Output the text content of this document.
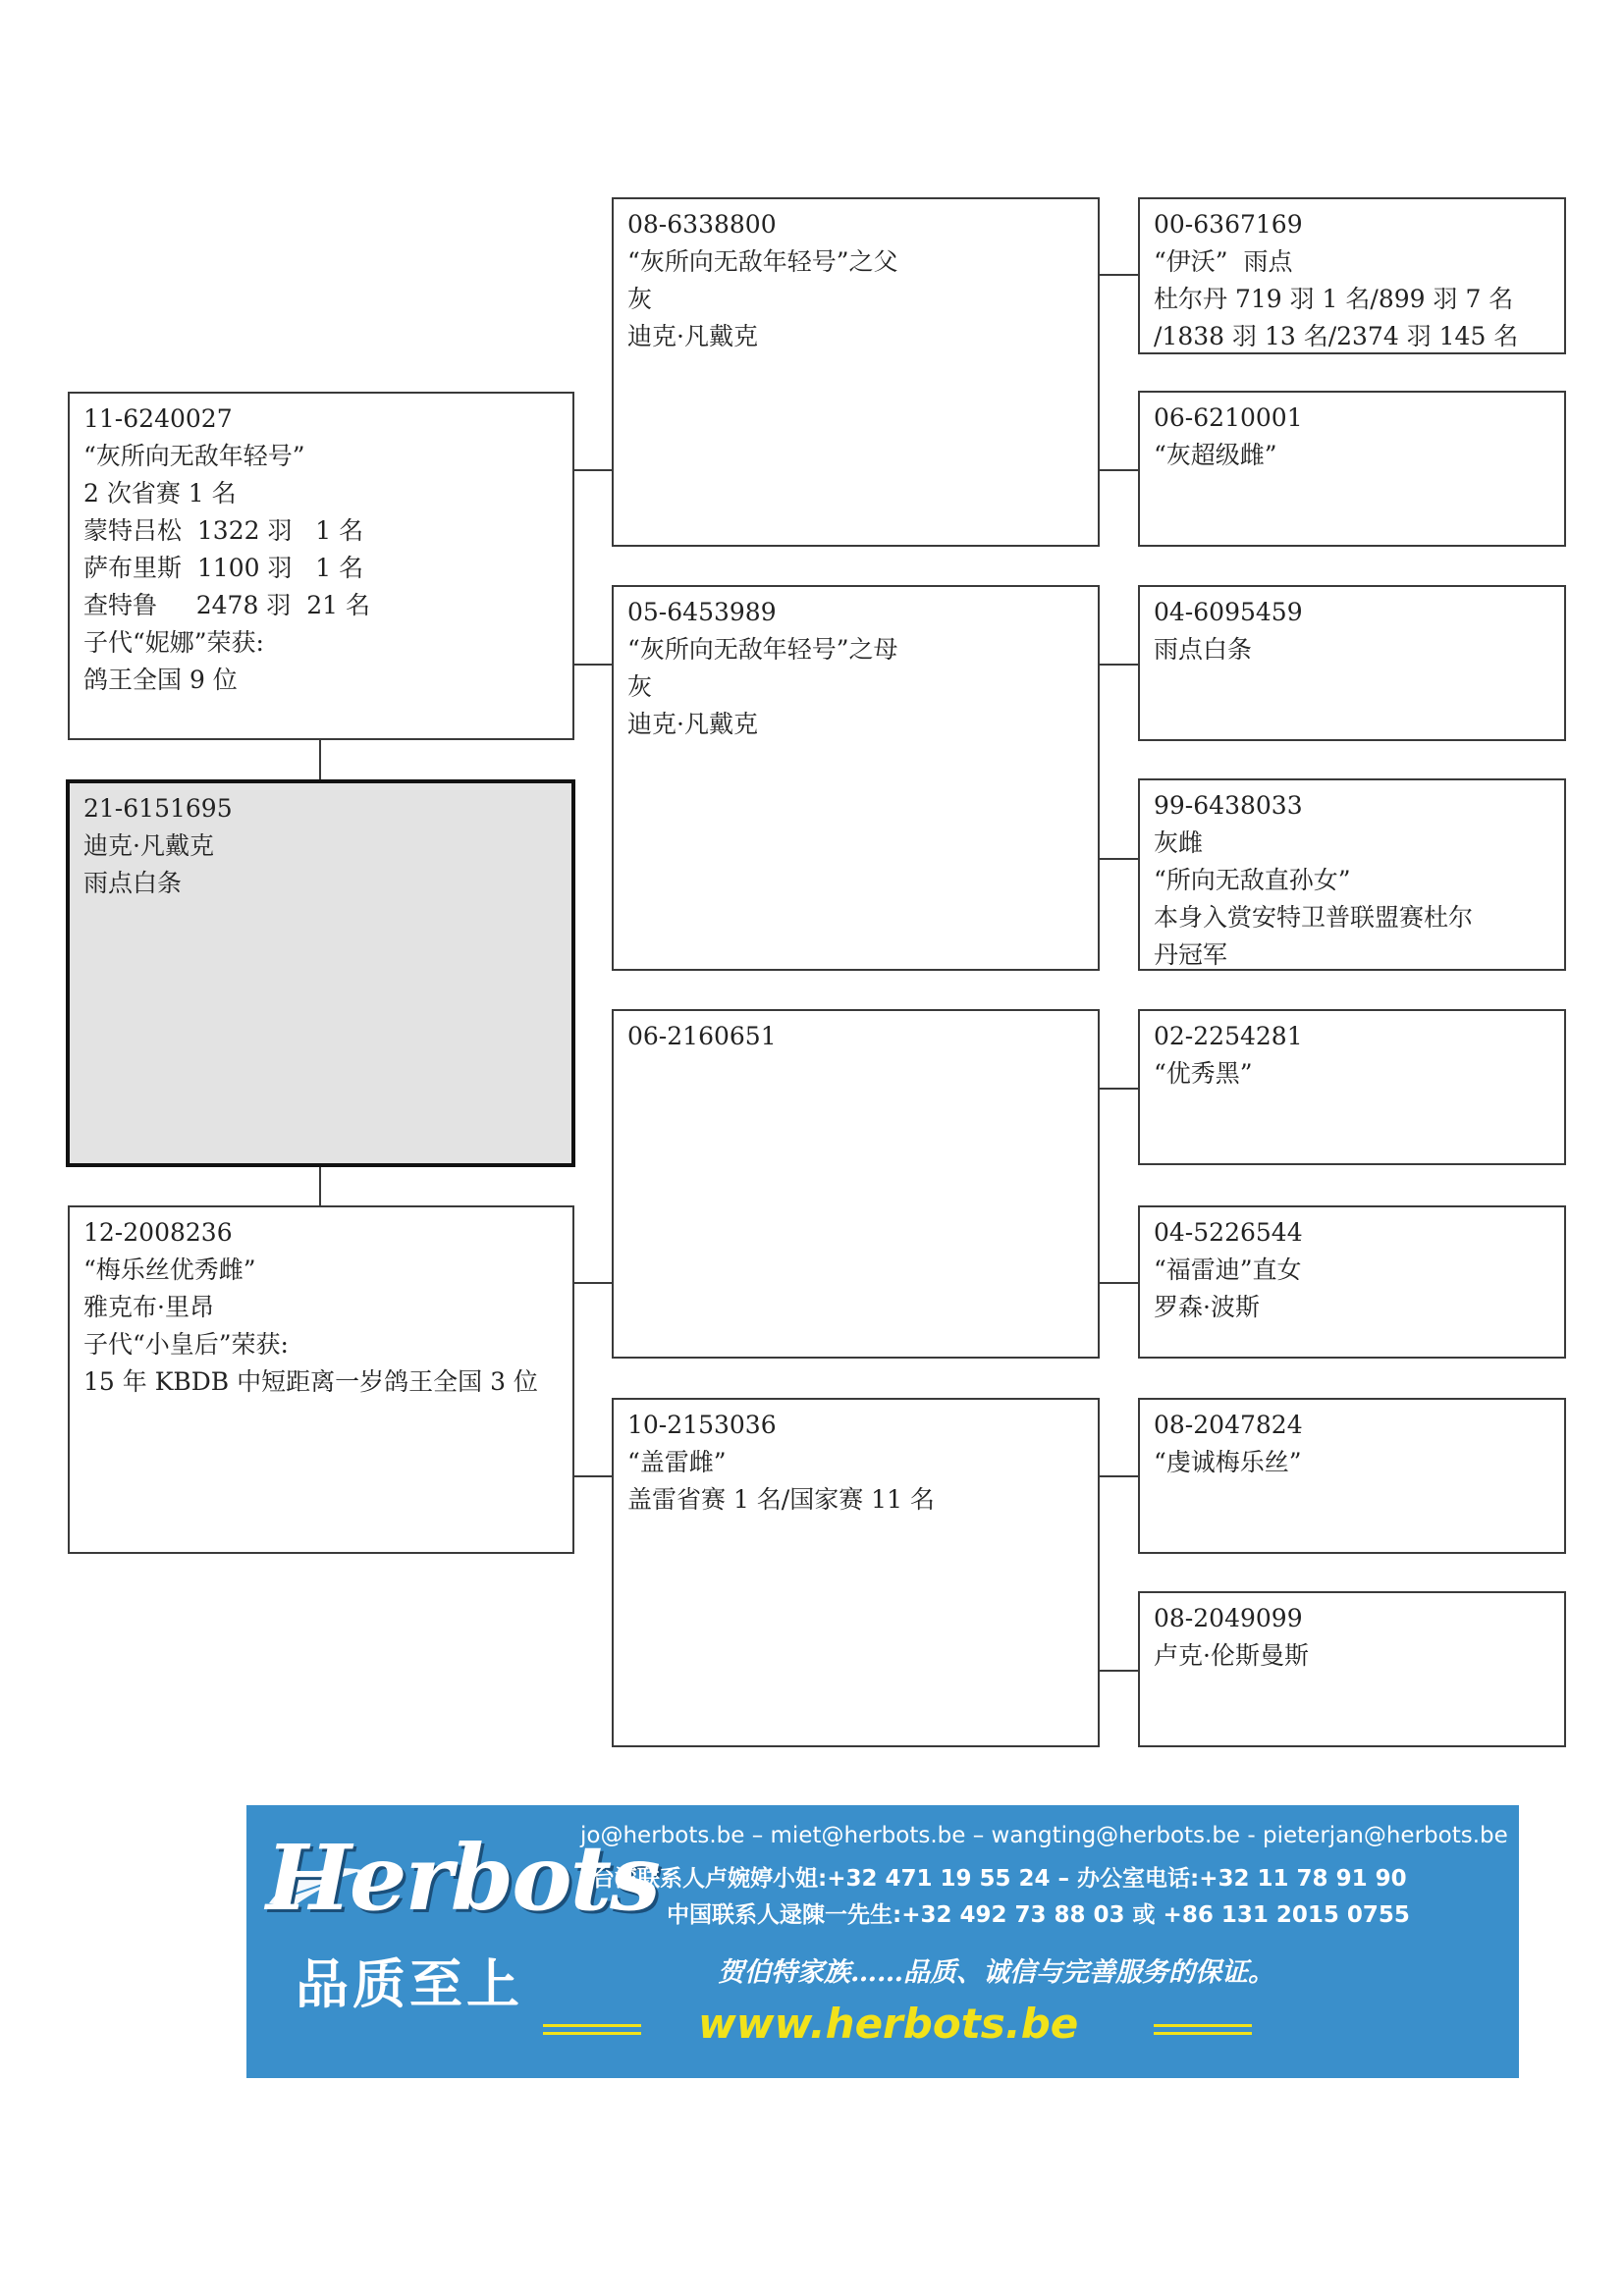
11-6240027
“灰所向无敌年轻号”
2 次省赛 1 名
蒙特吕松  1322 羽   1 名
萨布里斯  1100 羽   1 名
查特鲁     2478 羽  21 名
子代“妮娜”荣获:
鸽王全国 9 位
21-6151695
迪克·凡戴克
雨点白条
12-2008236
“梅乐丝优秀雌”
雅克布·里昂
子代“小皇后”荣获:
15 年 KBDB 中短距离一岁鸽王全国 3 位
08-6338800
“灰所向无敌年轻号”之父
灰
迪克·凡戴克
05-6453989
“灰所向无敌年轻号”之母
灰
迪克·凡戴克
06-2160651
10-2153036
“盖雷雌”
盖雷省赛 1 名/国家赛 11 名
00-6367169
“伊沃”  雨点
杜尔丹 719 羽 1 名/899 羽 7 名
/1838 羽 13 名/2374 羽 145 名
06-6210001
“灰超级雌”
04-6095459
雨点白条
99-6438033
灰雌
“所向无敌直孙女”
本身入赏安特卫普联盟赛杜尔
丹冠军
02-2254281
“优秀黑”
04-5226544
“福雷迪”直女
罗森·波斯
08-2047824
“虔诚梅乐丝”
08-2049099
卢克·伦斯曼斯
Herbots
品质至上
jo@herbots.be – miet@herbots.be – wangting@herbots.be - pieterjan@herbots.be
台湾联系人卢婉婷小姐:+32 471 19 55 24 – 办公室电话:+32 11 78 91 90
中国联系人逯陳一先生:+32 492 73 88 03 或 +86 131 2015 0755
贺伯特家族……品质、诚信与完善服务的保证。
www.herbots.be
